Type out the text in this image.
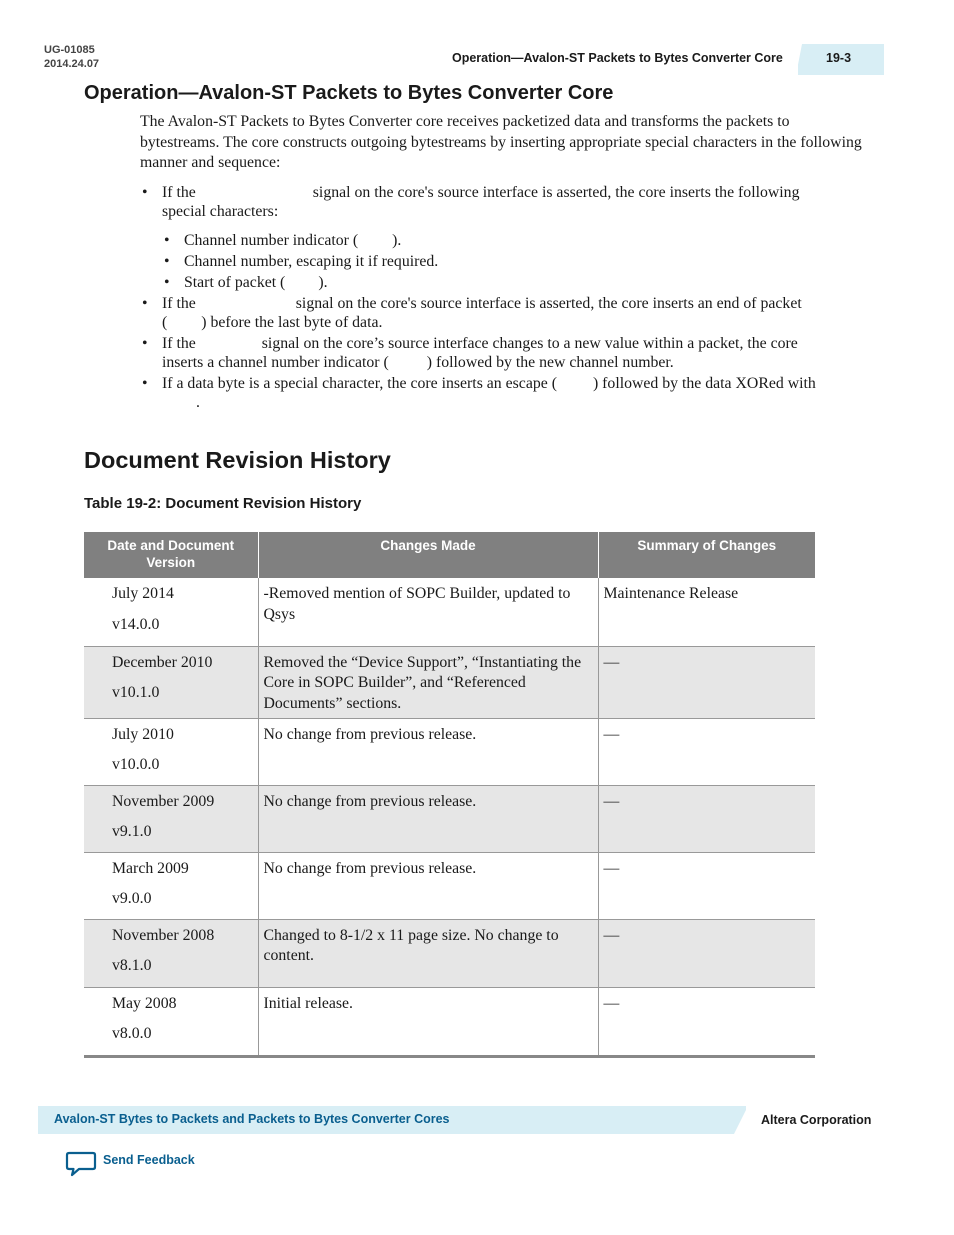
UG-01085
2014.24.07	Operation—Avalon-ST Packets to Bytes Converter Core	19-3
Operation—Avalon-ST Packets to Bytes Converter Core

The Avalon-ST Packets to Bytes Converter core receives packetized data and transforms the packets to bytestreams. The core constructs outgoing bytestreams by inserting appropriate special characters in the following manner and sequence:

• If the	signal on the core's source interface is asserted, the core inserts the following
special characters:
• Channel number indicator ( ).
• Channel number, escaping it if required.
• Start of packet ( ).
• If the	signal on the core's source interface is asserted, the core inserts an end of packet
( ) before the last byte of data.
• If the	signal on the core’s source interface changes to a new value within a packet, the core
inserts a channel number indicator ( ) followed by the new channel number.
• If a data byte is a special character, the core inserts an escape ( ) followed by the data XORed with
.
Document Revision History
Table 19-2: Document Revision History
Date and Document Version	Changes Made	Summary of Changes
July 2014
v14.0.0	-Removed mention of SOPC Builder, updated to Qsys	Maintenance Release
December 2010
v10.1.0	Removed the “Device Support”, “Instantiating the Core in SOPC Builder”, and “Referenced Documents” sections.	—
July 2010
v10.0.0	No change from previous release.	—
November 2009
v9.1.0	No change from previous release.	—
March 2009
v9.0.0	No change from previous release.	—
November 2008
v8.1.0	Changed to 8-1/2 x 11 page size. No change to content.	—
May 2008
v8.0.0	Initial release.	—
Avalon-ST Bytes to Packets and Packets to Bytes Converter Cores	Altera Corporation
Send Feedback
